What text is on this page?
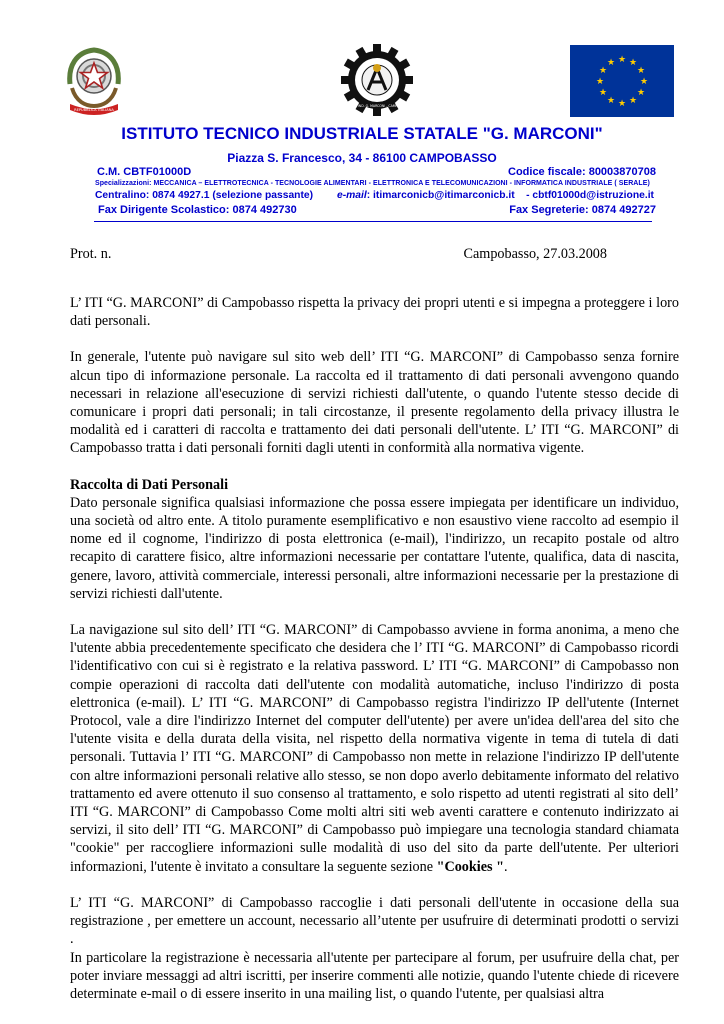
REPUBBLICA ITALIANA
IST. TEC. IND. G. MARCONI - CAMPOBASSO
★ ★
★
★
★
★
★
★
★
★
★
★
ISTITUTO TECNICO INDUSTRIALE STATALE "G. MARCONI"
Piazza S. Francesco, 34 - 86100 CAMPOBASSO
C.M. CBTF01000D	Codice fiscale: 80003870708
Specializzazioni: MECCANICA – ELETTROTECNICA - TECNOLOGIE ALIMENTARI - ELETTRONICA E TELECOMUNICAZIONI - INFORMATICA INDUSTRIALE ( SERALE)
Centralino: 0874 4927.1 (selezione passante) e-mail: itimarconicb@itimarconicb.it - cbtf01000d@istruzione.it
Fax Dirigente Scolastico: 0874 492730	Fax Segreterie: 0874 492727
Prot. n.	Campobasso, 27.03.2008

L’ ITI “G. MARCONI” di Campobasso rispetta la privacy dei propri utenti e si impegna a proteggere i loro dati personali.

In generale, l'utente può navigare sul sito web dell’ ITI “G. MARCONI” di Campobasso senza fornire alcun tipo di informazione personale. La raccolta ed il trattamento di dati personali avvengono quando necessari in relazione all'esecuzione di servizi richiesti dall'utente, o quando l'utente stesso decide di comunicare i propri dati personali; in tali circostanze, il presente regolamento della privacy illustra le modalità ed i caratteri di raccolta e trattamento dei dati personali dell'utente. L’ ITI “G. MARCONI” di Campobasso tratta i dati personali forniti dagli utenti in conformità alla normativa vigente.

Raccolta di Dati Personali

Dato personale significa qualsiasi informazione che possa essere impiegata per identificare un individuo, una società od altro ente. A titolo puramente esemplificativo e non esaustivo viene raccolto ad esempio il nome ed il cognome, l'indirizzo di posta elettronica (e-mail), l'indirizzo, un recapito postale od altro recapito di carattere fisico, altre informazioni necessarie per contattare l'utente, qualifica, data di nascita, genere, lavoro, attività commerciale, interessi personali, altre informazioni necessarie per la prestazione di servizi richiesti dall'utente.

La navigazione sul sito dell’ ITI “G. MARCONI” di Campobasso avviene in forma anonima, a meno che l'utente abbia precedentemente specificato che desidera che l’ ITI “G. MARCONI” di Campobasso ricordi l'identificativo con cui si è registrato e la relativa password. L’ ITI “G. MARCONI” di Campobasso non compie operazioni di raccolta dati dell'utente con modalità automatiche, incluso l'indirizzo di posta elettronica (e-mail). L’ ITI “G. MARCONI” di Campobasso registra l'indirizzo IP dell'utente (Internet Protocol, vale a dire l'indirizzo Internet del computer dell'utente) per avere un'idea dell'area del sito che l'utente visita e della durata della visita, nel rispetto della normativa vigente in tema di tutela di dati personali. Tuttavia l’ ITI “G. MARCONI” di Campobasso non mette in relazione l'indirizzo IP dell'utente con altre informazioni personali relative allo stesso, se non dopo averlo debitamente informato del relativo trattamento ed avere ottenuto il suo consenso al trattamento, e solo rispetto ad utenti registrati al sito dell’ ITI “G. MARCONI” di Campobasso Come molti altri siti web aventi carattere e contenuto indirizzato ai servizi, il sito dell’ ITI “G. MARCONI” di Campobasso può impiegare una tecnologia standard chiamata "cookie" per raccogliere informazioni sulle modalità di uso del sito da parte dell'utente. Per ulteriori informazioni, l'utente è invitato a consultare la seguente sezione "Cookies ".

L’ ITI “G. MARCONI” di Campobasso raccoglie i dati personali dell'utente in occasione della sua registrazione , per emettere un account, necessario all’utente per usufruire di determinati prodotti o servizi .

In particolare la registrazione è necessaria all'utente per partecipare al forum, per usufruire della chat, per poter inviare messaggi ad altri iscritti, per inserire commenti alle notizie, quando l'utente chiede di ricevere determinate e-mail o di essere inserito in una mailing list, o quando l'utente, per qualsiasi altra
